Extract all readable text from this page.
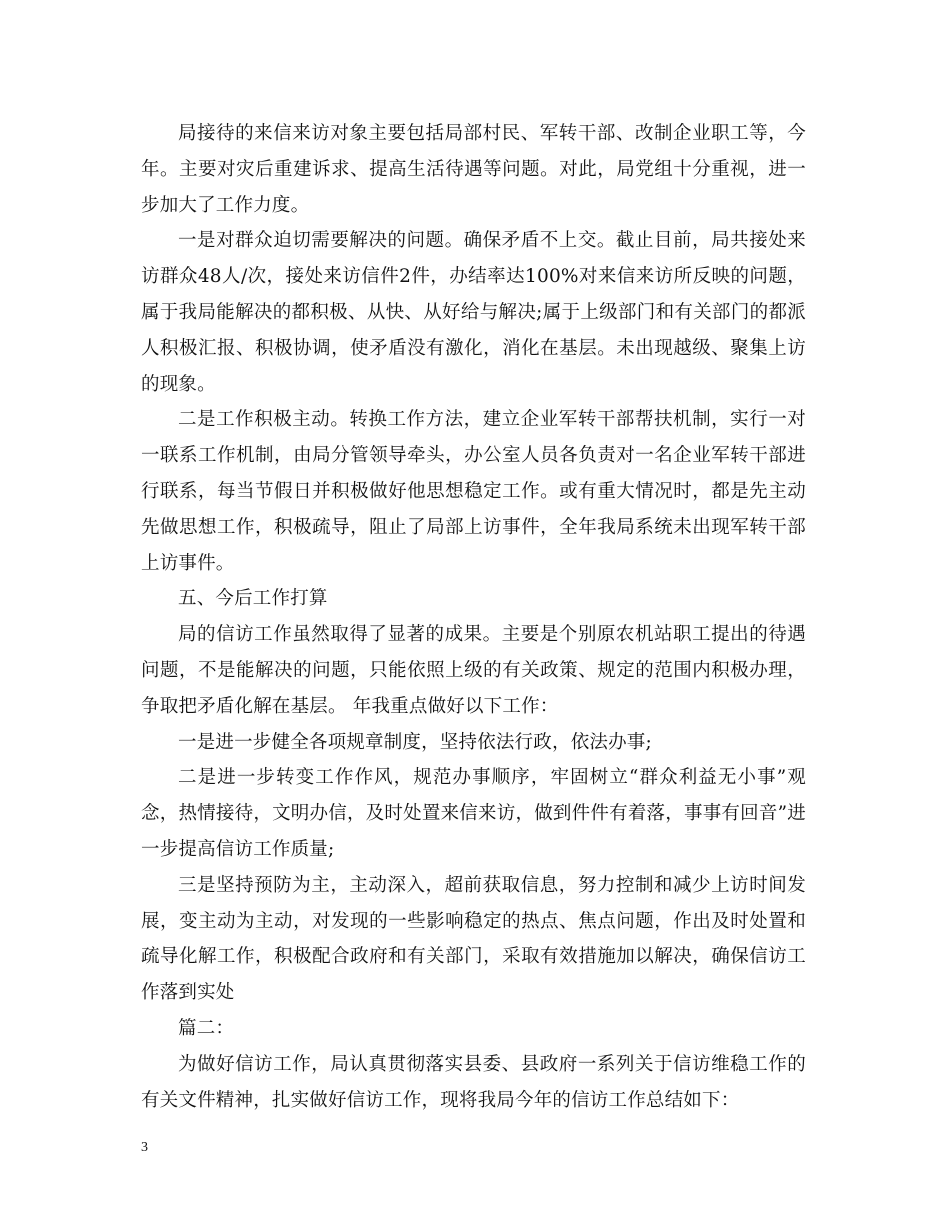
局接待的来信来访对象主要包括局部村民、军转干部、改制企业职工等，今年。主要对灾后重建诉求、提高生活待遇等问题。对此，局党组十分重视，进一步加大了工作力度。

一是对群众迫切需要解决的问题。确保矛盾不上交。截止目前，局共接处来访群众48人/次，接处来访信件2件，办结率达100%对来信来访所反映的问题，属于我局能解决的都积极、从快、从好给与解决;属于上级部门和有关部门的都派人积极汇报、积极协调，使矛盾没有激化，消化在基层。未出现越级、聚集上访的现象。

二是工作积极主动。转换工作方法，建立企业军转干部帮扶机制，实行一对一联系工作机制，由局分管领导牵头，办公室人员各负责对一名企业军转干部进行联系，每当节假日并积极做好他思想稳定工作。或有重大情况时，都是先主动先做思想工作，积极疏导，阻止了局部上访事件，全年我局系统未出现军转干部上访事件。

五、今后工作打算

局的信访工作虽然取得了显著的成果。主要是个别原农机站职工提出的待遇问题，不是能解决的问题，只能依照上级的有关政策、规定的范围内积极办理，争取把矛盾化解在基层。 年我重点做好以下工作：

一是进一步健全各项规章制度，坚持依法行政，依法办事;

二是进一步转变工作作风，规范办事顺序，牢固树立“群众利益无小事”观念，热情接待，文明办信，及时处置来信来访，做到件件有着落，事事有回音”进一步提高信访工作质量;

三是坚持预防为主，主动深入，超前获取信息，努力控制和减少上访时间发展，变主动为主动，对发现的一些影响稳定的热点、焦点问题，作出及时处置和疏导化解工作，积极配合政府和有关部门，采取有效措施加以解决，确保信访工作落到实处

篇二：

为做好信访工作，局认真贯彻落实县委、县政府一系列关于信访维稳工作的有关文件精神，扎实做好信访工作，现将我局今年的信访工作总结如下：

3
